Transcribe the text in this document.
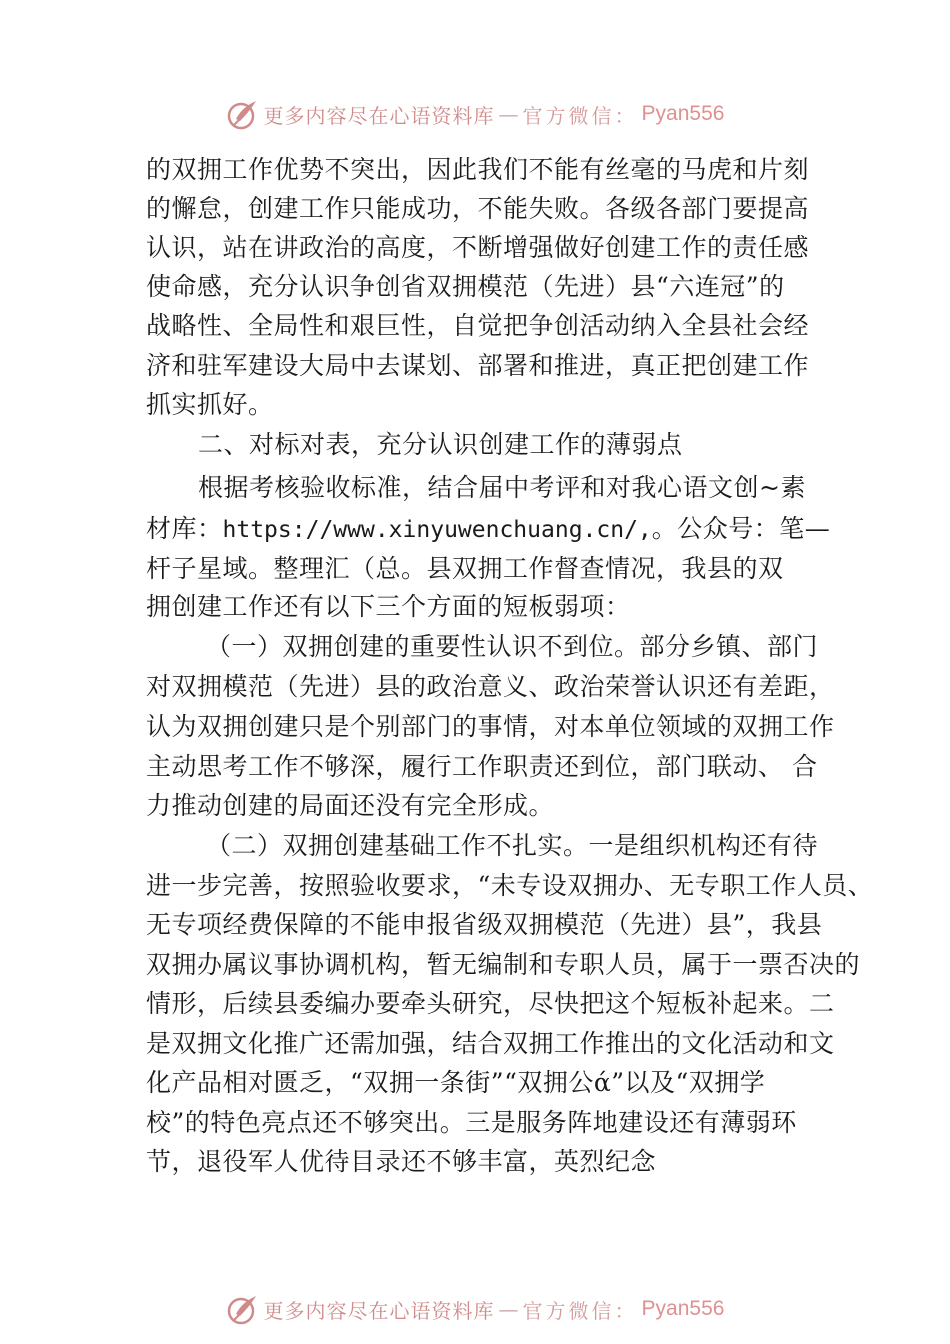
更多内容尽在心语资料库 — 官方微信： Pyan556
的双拥工作优势不突出，因此我们不能有丝毫的马虎和片刻
的懈怠，创建工作只能成功，不能失败。各级各部门要提高
认识，站在讲政治的高度，不断增强做好创建工作的责任感
使命感，充分认识争创省双拥模范（先进）县“六连冠”的
战略性、全局性和艰巨性，自觉把争创活动纳入全县社会经
济和驻军建设大局中去谋划、部署和推进，真正把创建工作
抓实抓好。
二、对标对表，充分认识创建工作的薄弱点
根据考核验收标准，结合届中考评和对我心语文创~素
材库：https://www.xinyuwenchuang.cn/,。公众号：笔—
杆子星域。整理汇（总。县双拥工作督查情况，我县的双
拥创建工作还有以下三个方面的短板弱项：
（一）双拥创建的重要性认识不到位。部分乡镇、部门
对双拥模范（先进）县的政治意义、政治荣誉认识还有差距，
认为双拥创建只是个别部门的事情，对本单位领域的双拥工作
主动思考工作不够深，履行工作职责还到位，部门联动、 合
力推动创建的局面还没有完全形成。
（二）双拥创建基础工作不扎实。一是组织机构还有待
进一步完善，按照验收要求，“未专设双拥办、无专职工作人员、
无专项经费保障的不能申报省级双拥模范（先进）县”，我县
双拥办属议事协调机构，暂无编制和专职人员，属于一票否决的
情形，后续县委编办要牵头研究，尽快把这个短板补起来。二
是双拥文化推广还需加强，结合双拥工作推出的文化活动和文
化产品相对匮乏，“双拥一条街”“双拥公ά”以及“双拥学
校”的特色亮点还不够突出。三是服务阵地建设还有薄弱环
节，退役军人优待目录还不够丰富，英烈纪念
更多内容尽在心语资料库 — 官方微信： Pyan556
